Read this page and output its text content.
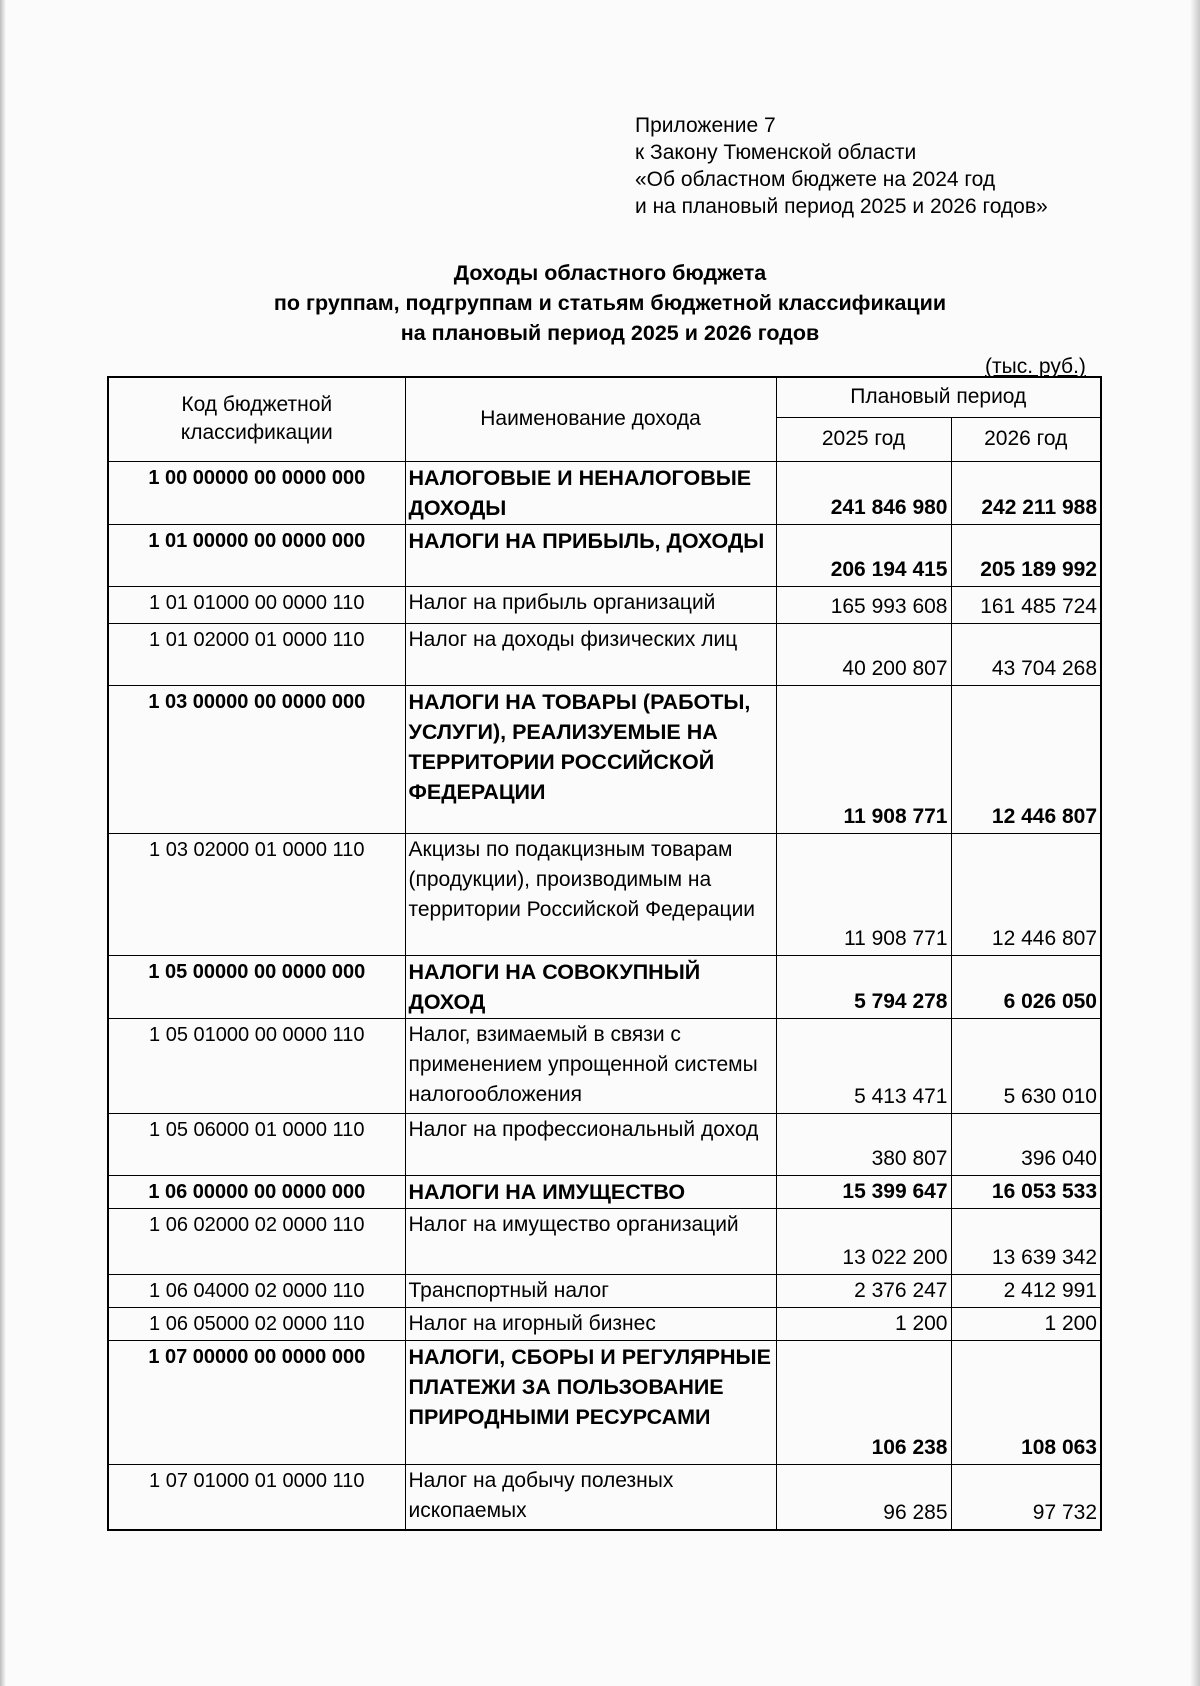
Приложение 7
к Закону Тюменской области
«Об областном бюджете на 2024 год
и на плановый период 2025 и 2026 годов»
Доходы областного бюджета
по группам, подгруппам и статьям бюджетной классификации
на плановый период 2025 и 2026 годов
(тыс. руб.)
Код бюджетной классификации	Наименование дохода	Плановый период	
		2025 год	2026 год
1 00 00000 00 0000 000	НАЛОГОВЫЕ И НЕНАЛОГОВЫЕ ДОХОДЫ	241 846 980	242 211 988
1 01 00000 00 0000 000	НАЛОГИ НА ПРИБЫЛЬ, ДОХОДЫ	206 194 415	205 189 992
1 01 01000 00 0000 110	Налог на прибыль организаций	165 993 608	161 485 724
1 01 02000 01 0000 110	Налог на доходы физических лиц	40 200 807	43 704 268
1 03 00000 00 0000 000	НАЛОГИ НА ТОВАРЫ (РАБОТЫ, УСЛУГИ), РЕАЛИЗУЕМЫЕ НА ТЕРРИТОРИИ РОССИЙСКОЙ ФЕДЕРАЦИИ	11 908 771	12 446 807
1 03 02000 01 0000 110	Акцизы по подакцизным товарам (продукции), производимым на территории Российской Федерации	11 908 771	12 446 807
1 05 00000 00 0000 000	НАЛОГИ НА СОВОКУПНЫЙ ДОХОД	5 794 278	6 026 050
1 05 01000 00 0000 110	Налог, взимаемый в связи с применением упрощенной системы налогообложения	5 413 471	5 630 010
1 05 06000 01 0000 110	Налог на профессиональный доход	380 807	396 040
1 06 00000 00 0000 000	НАЛОГИ НА ИМУЩЕСТВО	15 399 647	16 053 533
1 06 02000 02 0000 110	Налог на имущество организаций	13 022 200	13 639 342
1 06 04000 02 0000 110	Транспортный налог	2 376 247	2 412 991
1 06 05000 02 0000 110	Налог на игорный бизнес	1 200	1 200
1 07 00000 00 0000 000	НАЛОГИ, СБОРЫ И РЕГУЛЯРНЫЕ ПЛАТЕЖИ ЗА ПОЛЬЗОВАНИЕ ПРИРОДНЫМИ РЕСУРСАМИ	106 238	108 063
1 07 01000 01 0000 110	Налог на добычу полезных ископаемых	96 285	97 732
